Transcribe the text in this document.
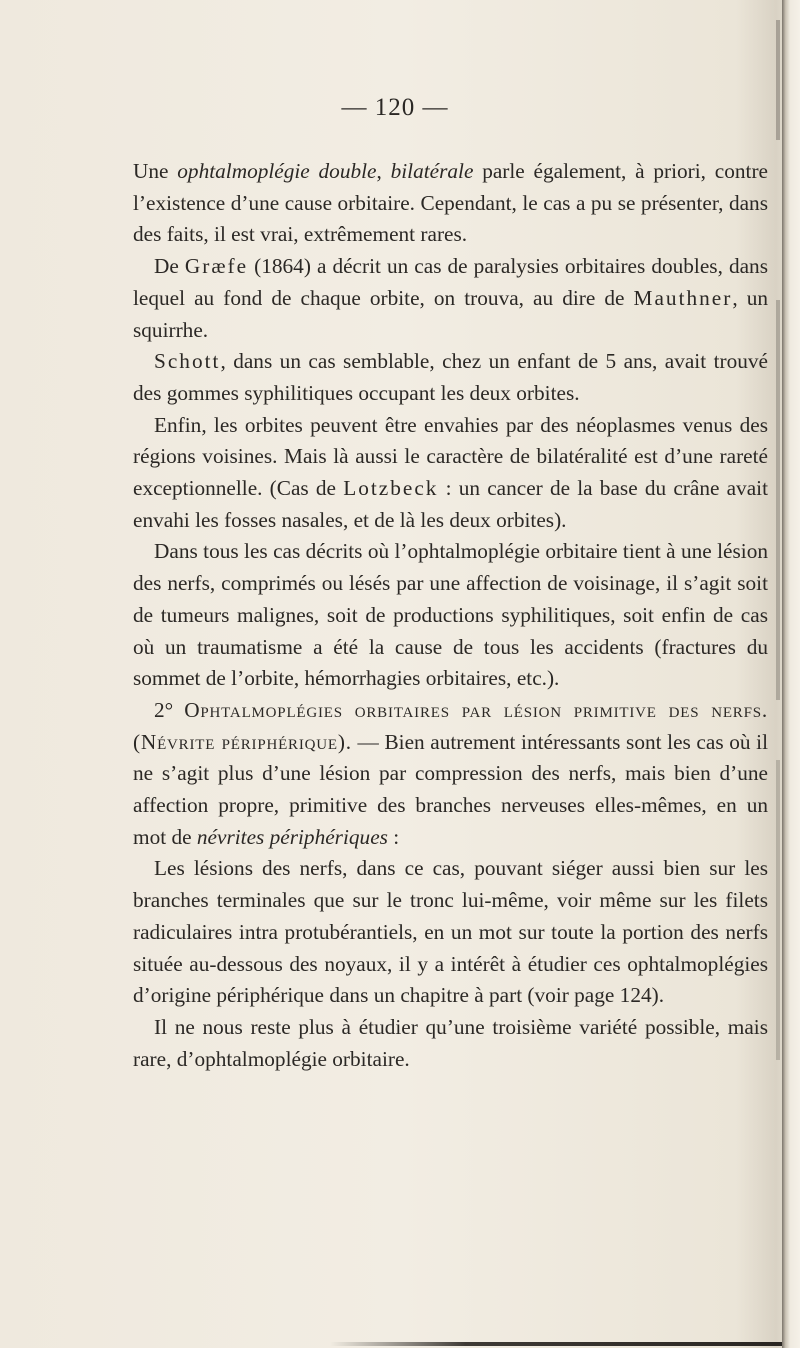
— 120 —

Une ophtalmoplégie double, bilatérale parle également, à priori, contre l’existence d’une cause orbitaire. Cependant, le cas a pu se présenter, dans des faits, il est vrai, extrêmement rares.

De Græfe (1864) a décrit un cas de paralysies orbitaires doubles, dans lequel au fond de chaque orbite, on trouva, au dire de Mauthner, un squirrhe.

Schott, dans un cas semblable, chez un enfant de 5 ans, avait trouvé des gommes syphilitiques occupant les deux orbites.

Enfin, les orbites peuvent être envahies par des néoplasmes venus des régions voisines. Mais là aussi le caractère de bilatéralité est d’une rareté exceptionnelle. (Cas de Lotzbeck : un cancer de la base du crâne avait envahi les fosses nasales, et de là les deux orbites).

Dans tous les cas décrits où l’ophtalmoplégie orbitaire tient à une lésion des nerfs, comprimés ou lésés par une affection de voisinage, il s’agit soit de tumeurs malignes, soit de productions syphilitiques, soit enfin de cas où un traumatisme a été la cause de tous les accidents (fractures du sommet de l’orbite, hémorrhagies orbitaires, etc.).

2° Ophtalmoplégies orbitaires par lésion primitive des nerfs. (Névrite périphérique). — Bien autrement intéressants sont les cas où il ne s’agit plus d’une lésion par compression des nerfs, mais bien d’une affection propre, primitive des branches nerveuses elles-mêmes, en un mot de névrites périphériques :

Les lésions des nerfs, dans ce cas, pouvant siéger aussi bien sur les branches terminales que sur le tronc lui-même, voir même sur les filets radiculaires intra protubérantiels, en un mot sur toute la portion des nerfs située au-dessous des noyaux, il y a intérêt à étudier ces ophtalmoplégies d’origine périphérique dans un chapitre à part (voir page 124).

Il ne nous reste plus à étudier qu’une troisième variété possible, mais rare, d’ophtalmoplégie orbitaire.
